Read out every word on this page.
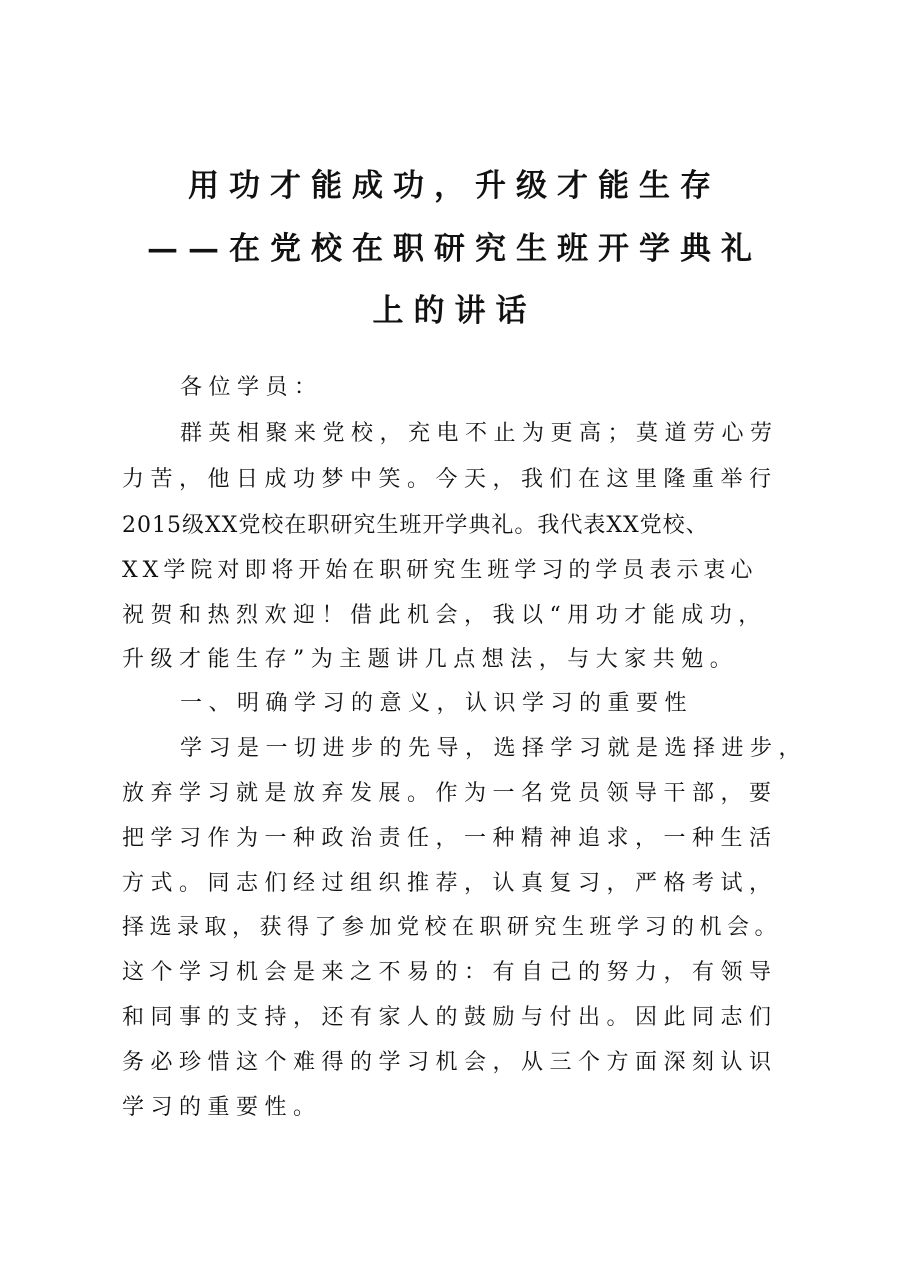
用功才能成功，升级才能生存
——在党校在职研究生班开学典礼
上的讲话
各位学员：
群英相聚来党校，充电不止为更高；莫道劳心劳
力苦，他日成功梦中笑。今天，我们在这里隆重举行
2015级XX党校在职研究生班开学典礼。我代表XX党校、
XX学院对即将开始在职研究生班学习的学员表示衷心
祝贺和热烈欢迎！借此机会，我以“用功才能成功，
升级才能生存”为主题讲几点想法，与大家共勉。
一、明确学习的意义，认识学习的重要性
学习是一切进步的先导，选择学习就是选择进步，
放弃学习就是放弃发展。作为一名党员领导干部，要
把学习作为一种政治责任，一种精神追求，一种生活
方式。同志们经过组织推荐，认真复习，严格考试，
择选录取，获得了参加党校在职研究生班学习的机会。
这个学习机会是来之不易的：有自己的努力，有领导
和同事的支持，还有家人的鼓励与付出。因此同志们
务必珍惜这个难得的学习机会，从三个方面深刻认识
学习的重要性。
